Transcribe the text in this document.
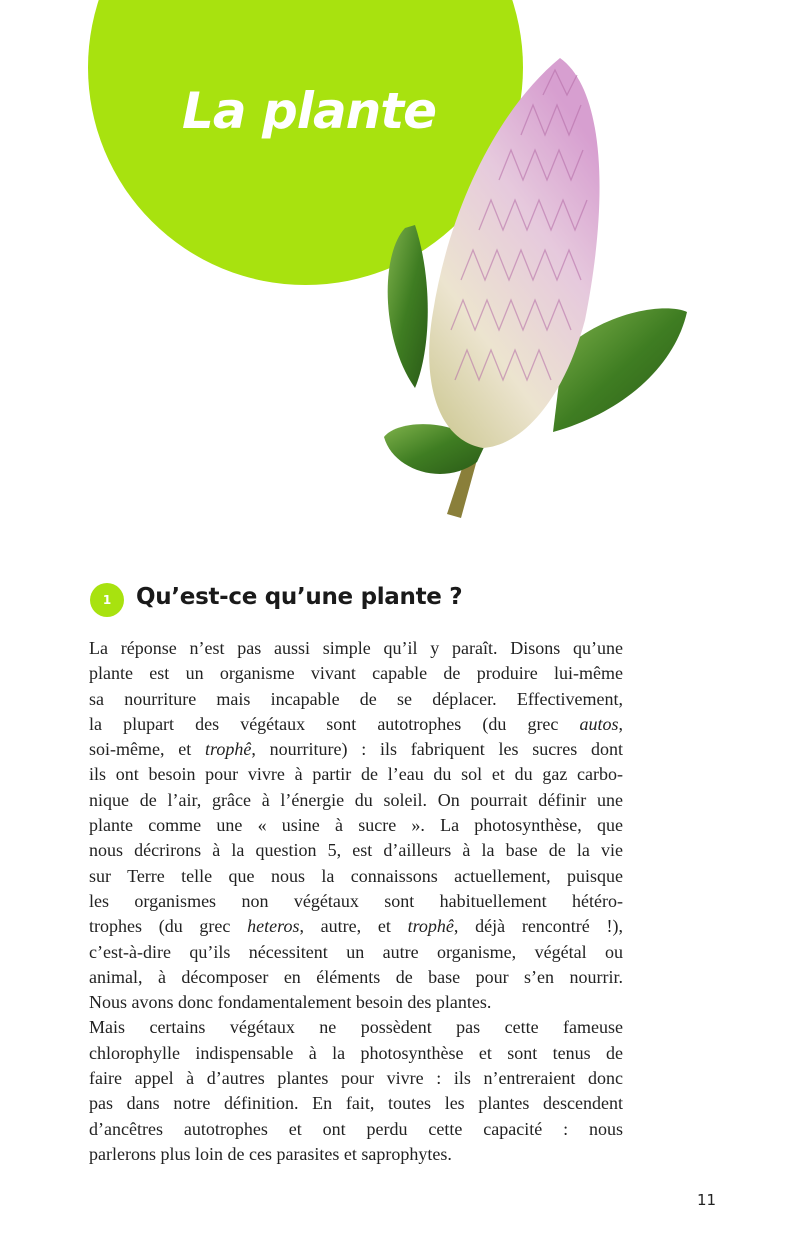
La plante
1	Qu’est-ce qu’une plante ?
La réponse n’est pas aussi simple qu’il y paraît. Disons qu’une
plante est un organisme vivant capable de produire lui-même
sa nourriture mais incapable de se déplacer. Effectivement,
la plupart des végétaux sont autotrophes (du grec autos,
soi-même, et trophê, nourriture) : ils fabriquent les sucres dont
ils ont besoin pour vivre à partir de l’eau du sol et du gaz carbo-
nique de l’air, grâce à l’énergie du soleil. On pourrait définir une
plante comme une « usine à sucre ». La photosynthèse, que
nous décrirons à la question 5, est d’ailleurs à la base de la vie
sur Terre telle que nous la connaissons actuellement, puisque
les organismes non végétaux sont habituellement hétéro-
trophes (du grec heteros, autre, et trophê, déjà rencontré !),
c’est-à-dire qu’ils nécessitent un autre organisme, végétal ou
animal, à décomposer en éléments de base pour s’en nourrir.
Nous avons donc fondamentalement besoin des plantes.
Mais certains végétaux ne possèdent pas cette fameuse
chlorophylle indispensable à la photosynthèse et sont tenus de
faire appel à d’autres plantes pour vivre : ils n’entreraient donc
pas dans notre définition. En fait, toutes les plantes descendent
d’ancêtres autotrophes et ont perdu cette capacité : nous
parlerons plus loin de ces parasites et saprophytes.
11
